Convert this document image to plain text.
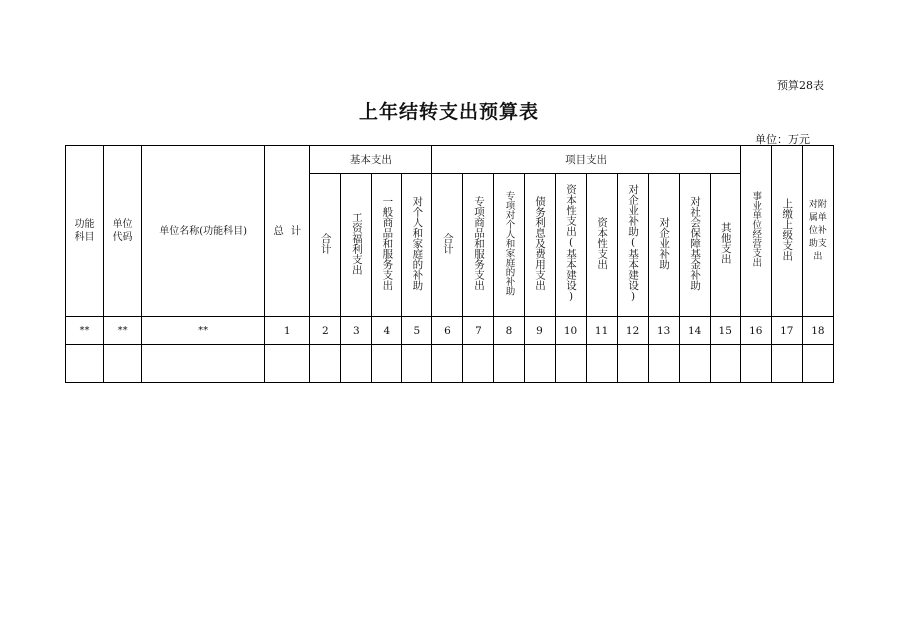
预算28表
上年结转支出预算表
单位：万元
功能科目	单位代码	单位名称(功能科目)	总  计	基本支出				项目支出										事业单位经营支出	上缴上级支出	对附属单位补助支出
				合计	工资福利支出	一般商品和服务支出	对个人和家庭的补助	合计	专项商品和服务支出	专项对个人和家庭的补助	债务利息及费用支出	资本性支出(基本建设)	资本性支出	对企业补助(基本建设)	对企业补助	对社会保障基金补助	其他支出			
**	**	**	1	2	3	4	5	6	7	8	9	10	11	12	13	14	15	16	17	18
